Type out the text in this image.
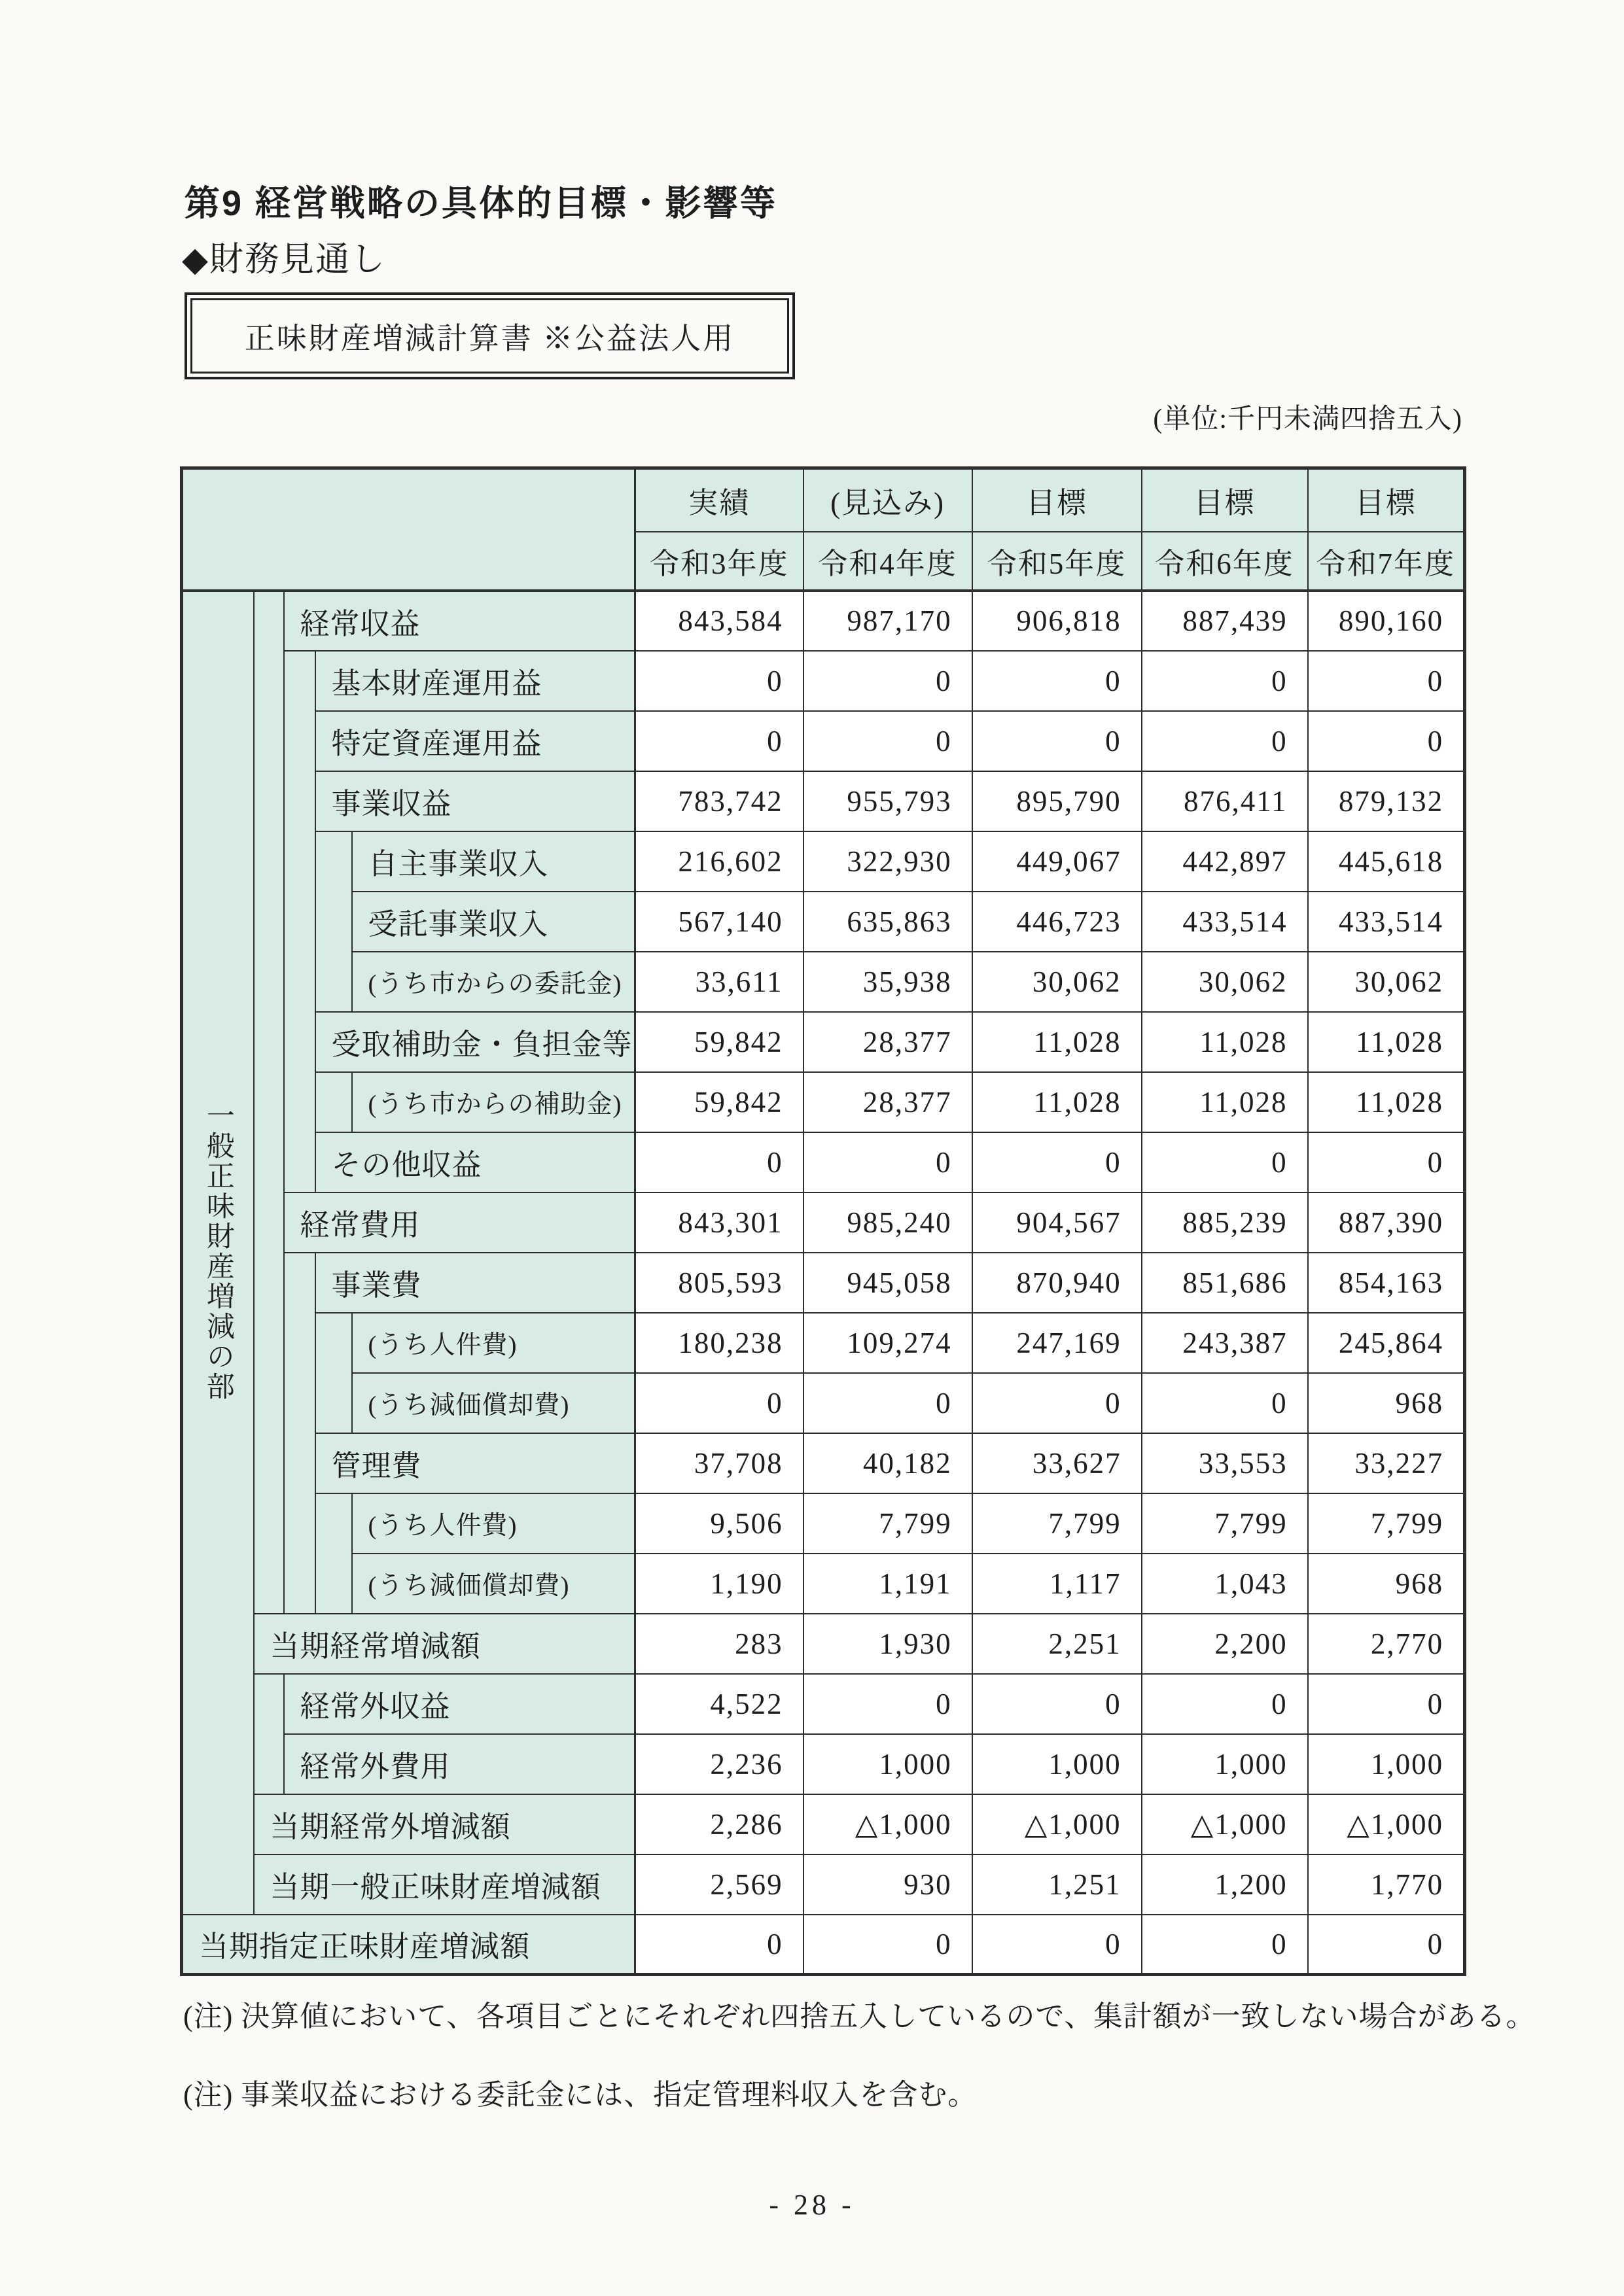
第9 経営戦略の具体的目標・影響等
◆財務見通し
正味財産増減計算書 ※公益法人用
(単位:千円未満四捨五入)
					実績	(見込み)	目標	目標	目標
					令和3年度	令和4年度	令和5年度	令和6年度	令和7年度
一般正味財産増減の部		経常収益			843,584	987,170	906,818	887,439	890,160
			基本財産運用益		0	0	0	0	0
			特定資産運用益		0	0	0	0	0
			事業収益		783,742	955,793	895,790	876,411	879,132
				自主事業収入	216,602	322,930	449,067	442,897	445,618
				受託事業収入	567,140	635,863	446,723	433,514	433,514
				(うち市からの委託金)	33,611	35,938	30,062	30,062	30,062
			受取補助金・負担金等		59,842	28,377	11,028	11,028	11,028
				(うち市からの補助金)	59,842	28,377	11,028	11,028	11,028
			その他収益		0	0	0	0	0
		経常費用			843,301	985,240	904,567	885,239	887,390
			事業費		805,593	945,058	870,940	851,686	854,163
				(うち人件費)	180,238	109,274	247,169	243,387	245,864
				(うち減価償却費)	0	0	0	0	968
			管理費		37,708	40,182	33,627	33,553	33,227
				(うち人件費)	9,506	7,799	7,799	7,799	7,799
				(うち減価償却費)	1,190	1,191	1,117	1,043	968
	当期経常増減額				283	1,930	2,251	2,200	2,770
		経常外収益			4,522	0	0	0	0
		経常外費用			2,236	1,000	1,000	1,000	1,000
	当期経常外増減額				2,286	△1,000	△1,000	△1,000	△1,000
	当期一般正味財産増減額				2,569	930	1,251	1,200	1,770
当期指定正味財産増減額					0	0	0	0	0
(注) 決算値において、各項目ごとにそれぞれ四捨五入しているので、集計額が一致しない場合がある。
(注) 事業収益における委託金には、指定管理料収入を含む。
- 28 -
